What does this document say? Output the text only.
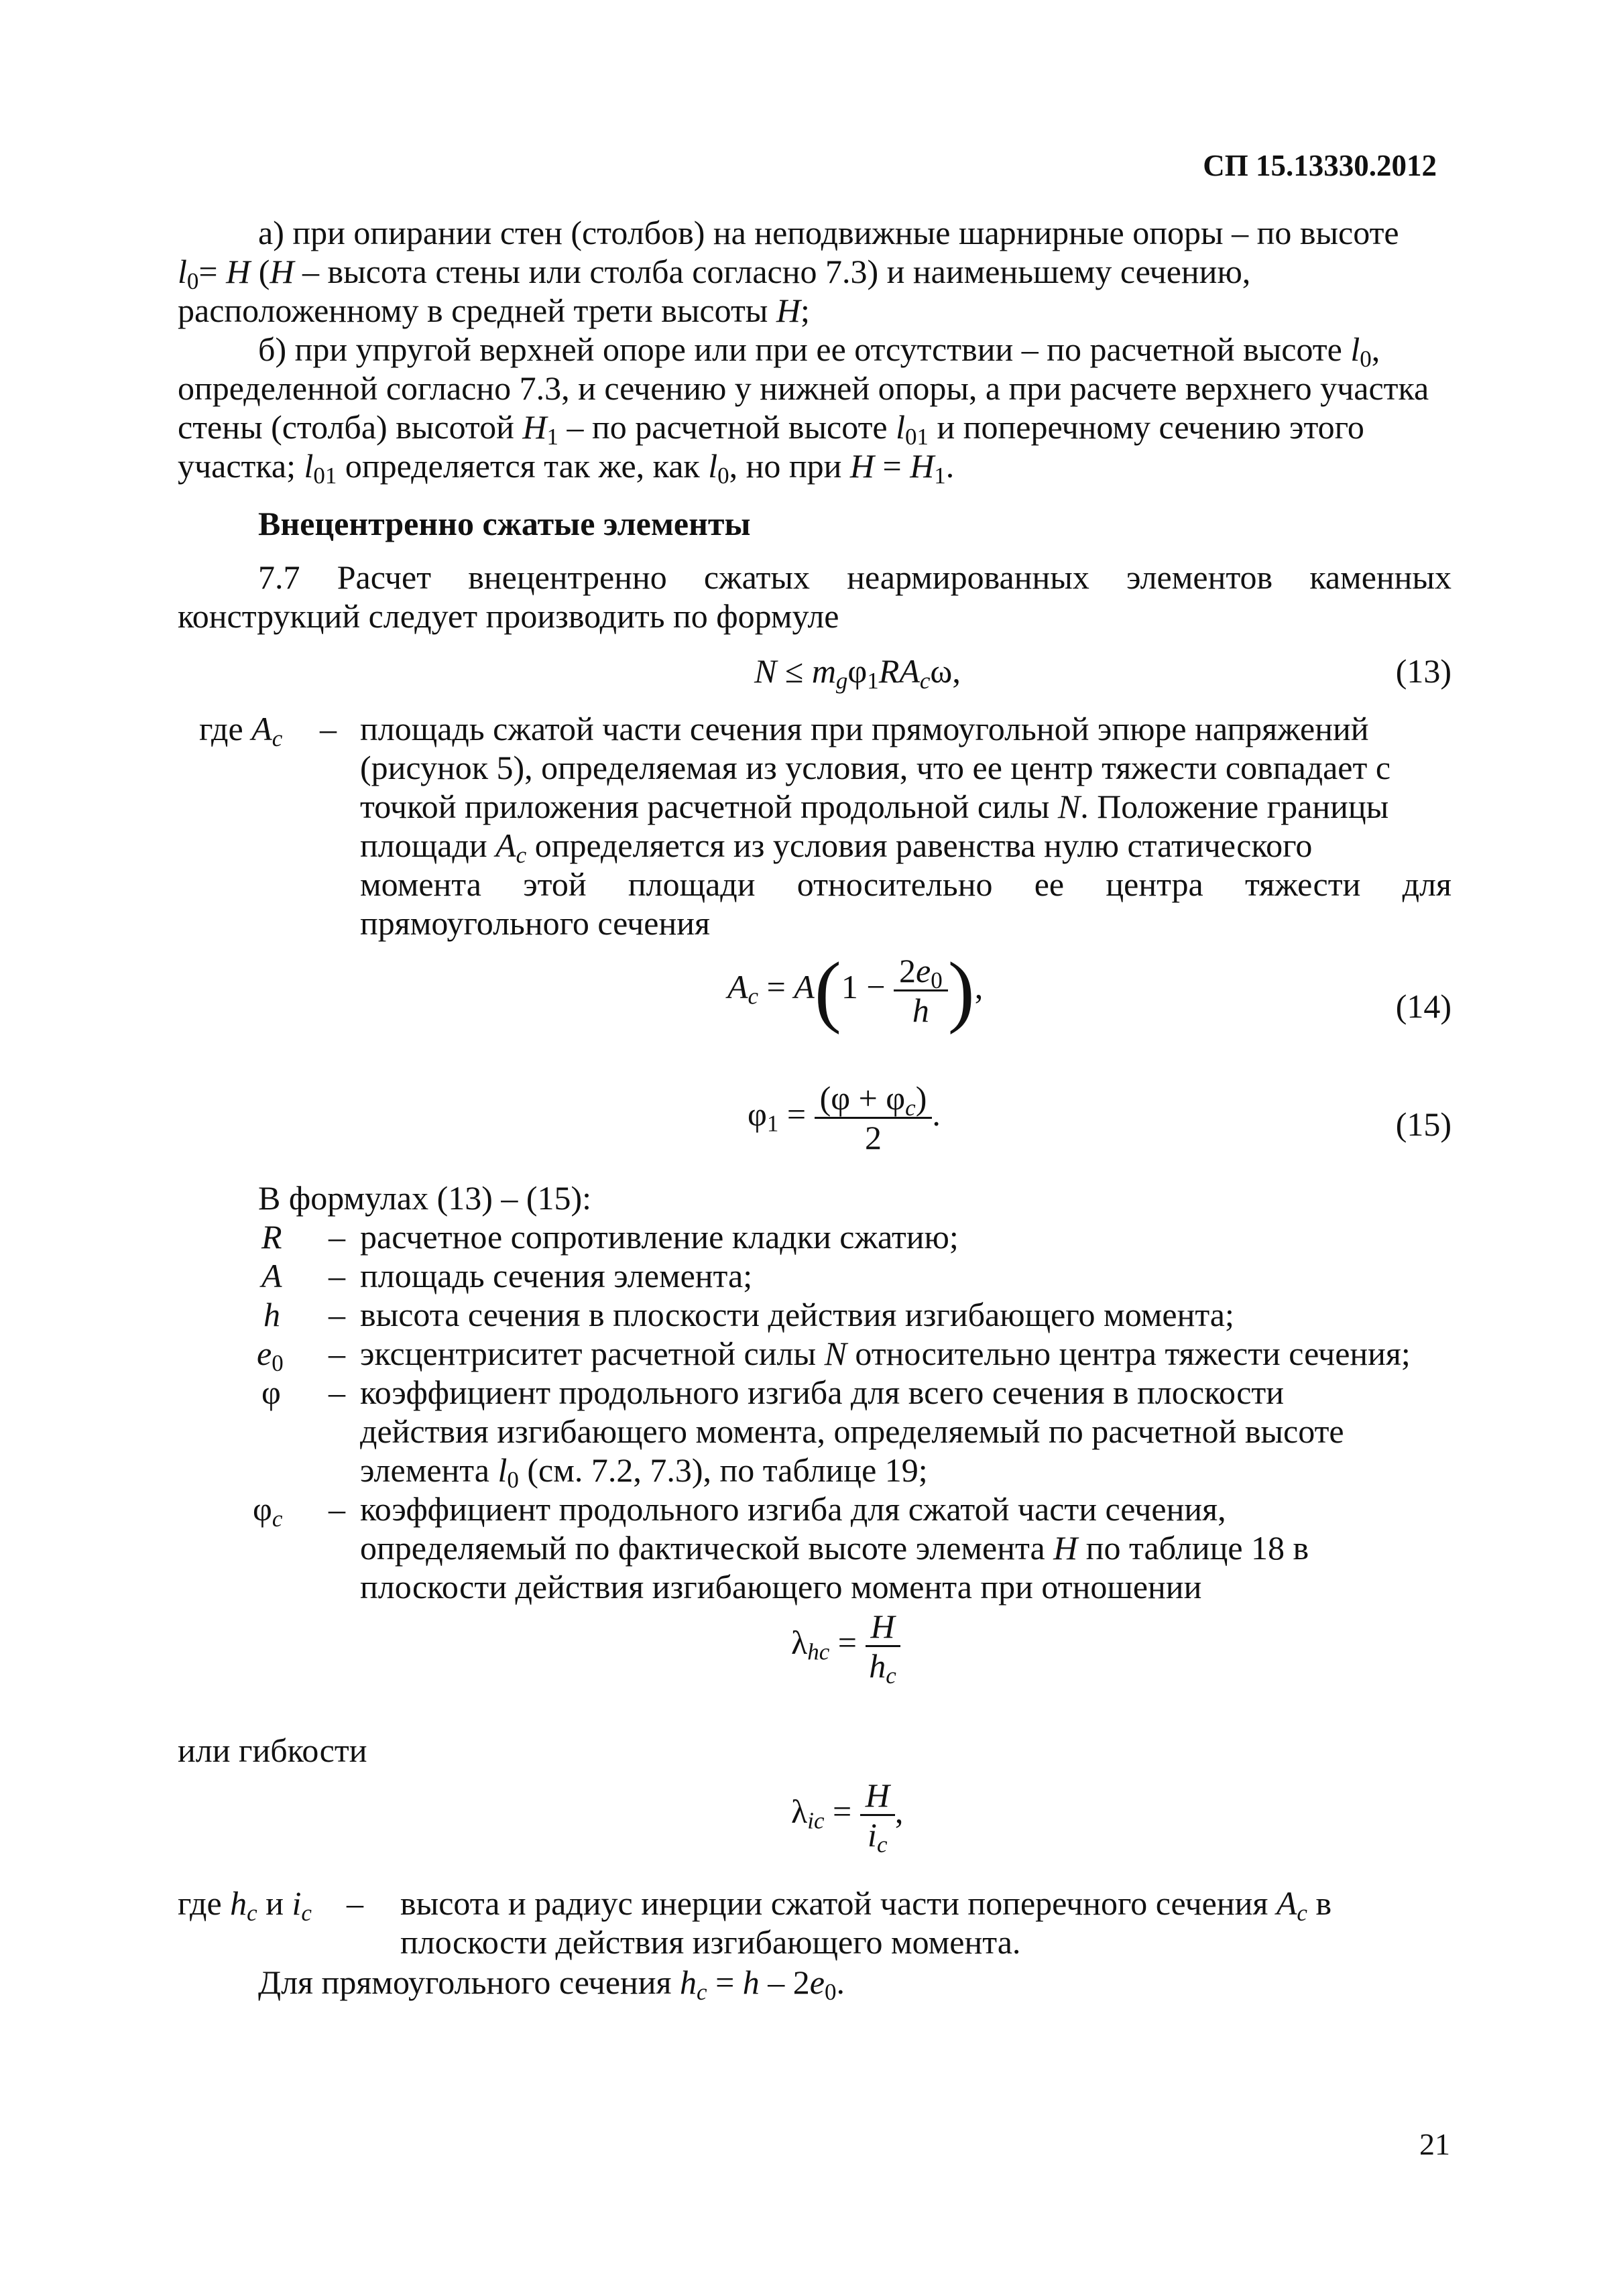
СП 15.13330.2012

а) при опирании стен (столбов) на неподвижные шарнирные опоры – по высоте

$l_0= H$ (H – высота стены или столба согласно 7.3) и наименьшему сечению,

расположенному в средней трети высоты H;

б) при упругой верхней опоре или при ее отсутствии – по расчетной высоте $l_0$,

определенной согласно 7.3, и сечению у нижней опоры, а при расчете верхнего участка

стены (столба) высотой $H_1$ – по расчетной высоте $l_{01}$ и поперечному сечению этого

участка; $l_{01}$ определяется так же, как $l_0$, но при $H = H_1$.

Внецентренно сжатые элементы

7.7 Расчет внецентренно сжатых неармированных элементов каменных

конструкций следует производить по формуле

$N \le m_g\varphi_1RA_c\omega$,	(13)
где $A_c$	– площадь сжатой части сечения при прямоугольной эпюре напряжений

(рисунок 5), определяемая из условия, что ее центр тяжести совпадает с

точкой приложения расчетной продольной силы N. Положение границы

площади $A_c$ определяется из условия равенства нулю статического

момента этой площади относительно ее центра тяжести для

прямоугольного сечения

$A_c = A(1 - \frac{2e_0}{h}$ ),
(14)
$\varphi_1 = \frac{(\varphi + \varphi_c)}{2}$ .	(15)
В формулах (13) – (15):
R	– расчетное сопротивление кладки сжатию;
A	– площадь сечения элемента;
h	– высота сечения в плоскости действия изгибающего момента;
$e_0$	– эксцентриситет расчетной силы N относительно центра тяжести сечения;
φ	– коэффициент продольного изгиба для всего сечения в плоскости

действия изгибающего момента, определяемый по расчетной высоте

элемента $l_0$ (см. 7.2, 7.3), по таблице 19;

$\varphi_c$	– коэффициент продольного изгиба для сжатой части сечения,

определяемый по фактической высоте элемента H по таблице 18 в

плоскости действия изгибающего момента при отношении

$\lambda_{hc} = \frac{H}{h_c}$
или гибкости
$\lambda_{ic} = \frac{H}{i_c}$ ,
где $h_c$ и $i_c$	– высота и радиус инерции сжатой части поперечного сечения $A_c$ в

плоскости действия изгибающего момента.

Для прямоугольного сечения $h_c = h - 2e_0$.
21
